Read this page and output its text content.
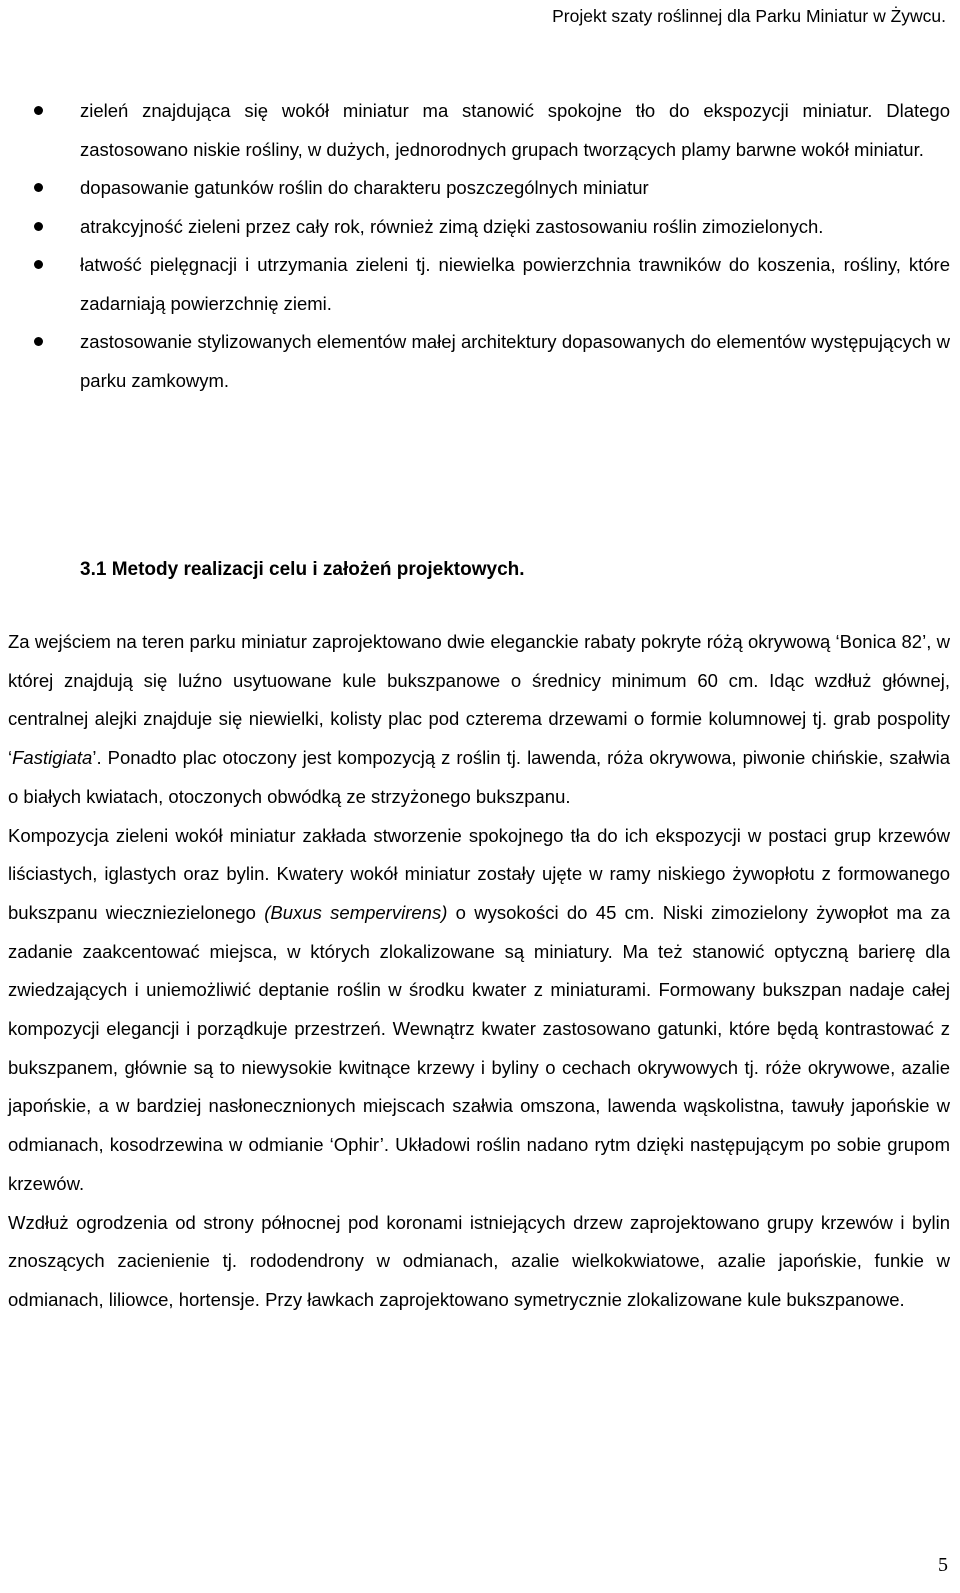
Projekt szaty roślinnej dla Parku Miniatur w Żywcu.
zieleń znajdująca się wokół miniatur ma stanowić spokojne tło do ekspozycji miniatur. Dlatego zastosowano niskie rośliny, w dużych, jednorodnych grupach tworzących plamy barwne wokół miniatur.
dopasowanie gatunków roślin do charakteru poszczególnych miniatur
atrakcyjność zieleni przez cały rok, również zimą dzięki zastosowaniu roślin zimozielonych.
łatwość pielęgnacji i utrzymania zieleni tj. niewielka powierzchnia trawników do koszenia, rośliny, które zadarniają powierzchnię ziemi.
zastosowanie stylizowanych elementów małej architektury dopasowanych do elementów występujących w parku zamkowym.
3.1 Metody realizacji celu i założeń projektowych.

Za wejściem na teren parku miniatur zaprojektowano dwie eleganckie rabaty pokryte różą okrywową ‘Bonica 82’, w której znajdują się luźno usytuowane kule bukszpanowe o średnicy minimum 60 cm. Idąc wzdłuż głównej, centralnej alejki znajduje się niewielki, kolisty plac pod czterema drzewami o formie kolumnowej tj. grab pospolity ‘Fastigiata’. Ponadto plac otoczony jest kompozycją z roślin tj. lawenda, róża okrywowa, piwonie chińskie, szałwia o białych kwiatach, otoczonych obwódką ze strzyżonego bukszpanu.

Kompozycja zieleni wokół miniatur zakłada stworzenie spokojnego tła do ich ekspozycji w postaci grup krzewów liściastych, iglastych oraz bylin. Kwatery wokół miniatur zostały ujęte w ramy niskiego żywopłotu z formowanego bukszpanu wieczniezielonego (Buxus sempervirens) o wysokości do 45 cm. Niski zimozielony żywopłot ma za zadanie zaakcentować miejsca, w których zlokalizowane są miniatury. Ma też stanowić optyczną barierę dla zwiedzających i uniemożliwić deptanie roślin w środku kwater z miniaturami. Formowany bukszpan nadaje całej kompozycji elegancji i porządkuje przestrzeń. Wewnątrz kwater zastosowano gatunki, które będą kontrastować z bukszpanem, głównie są to niewysokie kwitnące krzewy i byliny o cechach okrywowych tj. róże okrywowe, azalie japońskie, a w bardziej nasłonecznionych miejscach szałwia omszona, lawenda wąskolistna, tawuły japońskie w odmianach, kosodrzewina w odmianie ‘Ophir’. Układowi roślin nadano rytm dzięki następującym po sobie grupom krzewów.

Wzdłuż ogrodzenia od strony północnej pod koronami istniejących drzew zaprojektowano grupy krzewów i bylin znoszących zacienienie tj. rododendrony w odmianach, azalie wielkokwiatowe, azalie japońskie, funkie w odmianach, liliowce, hortensje. Przy ławkach zaprojektowano symetrycznie zlokalizowane kule bukszpanowe.

5
